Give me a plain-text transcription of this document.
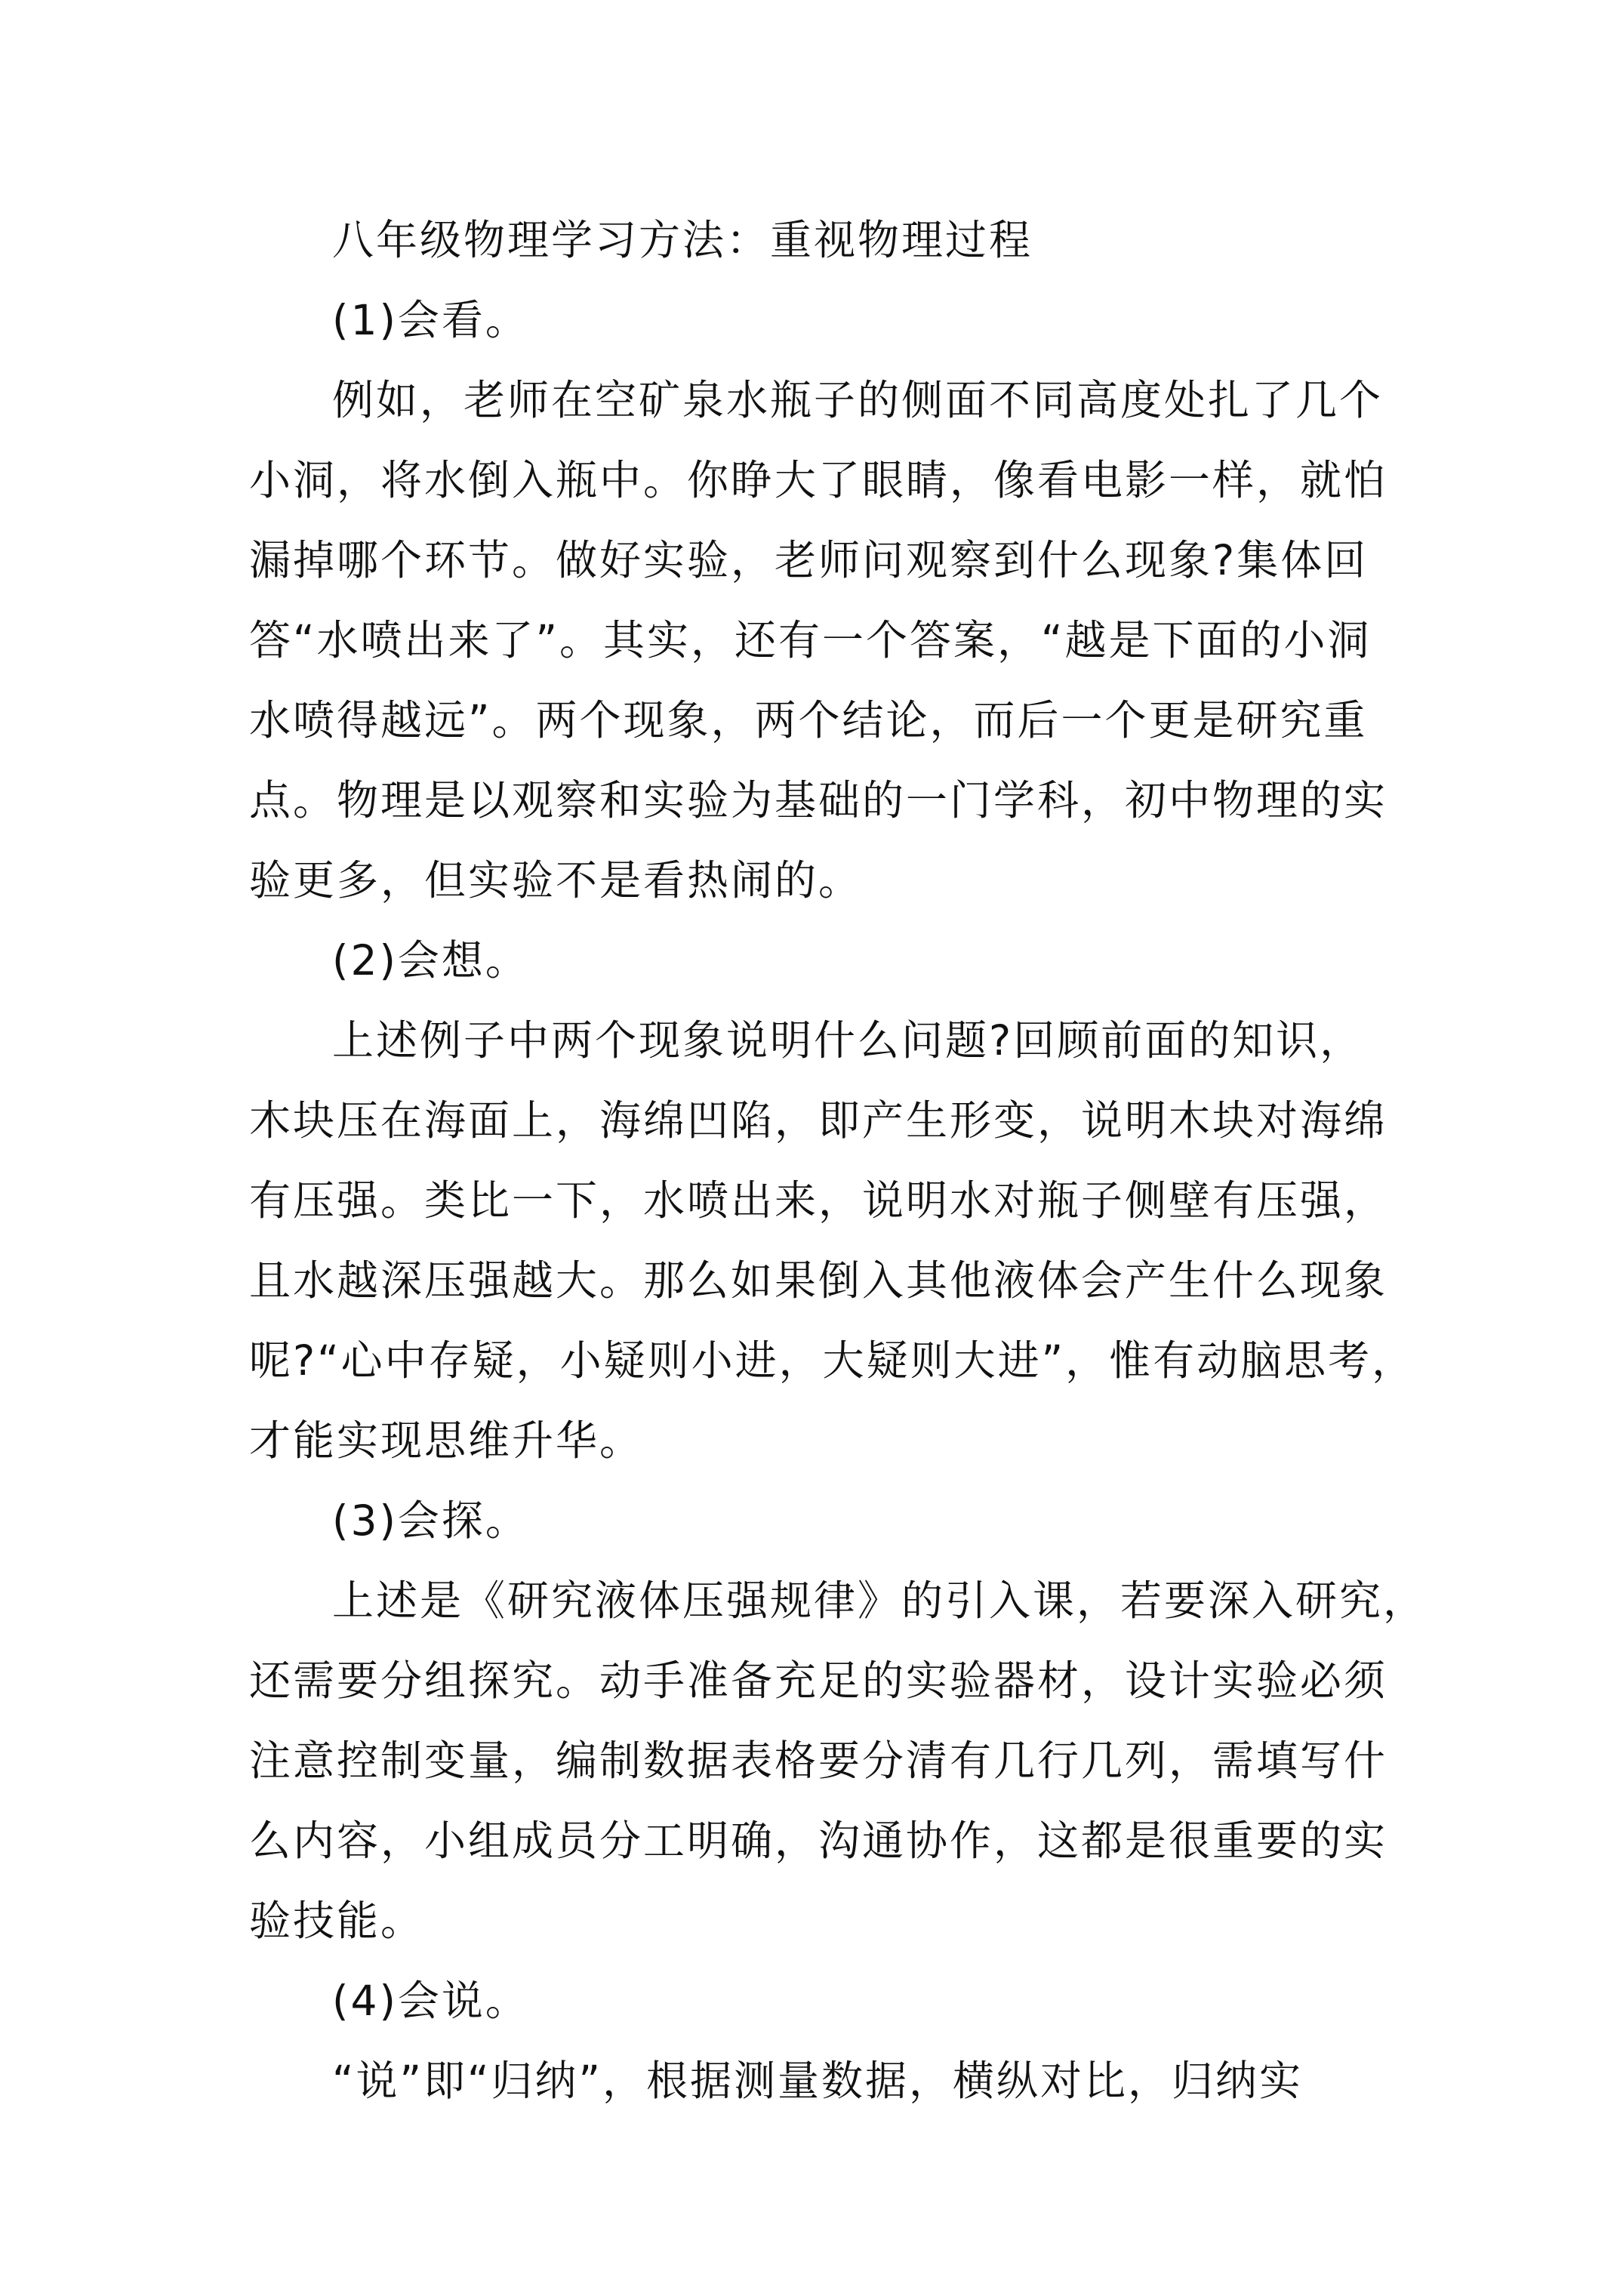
八年级物理学习方法：重视物理过程
(1)会看。
例如，老师在空矿泉水瓶子的侧面不同高度处扎了几个
小洞，将水倒入瓶中。你睁大了眼睛，像看电影一样，就怕
漏掉哪个环节。做好实验，老师问观察到什么现象?集体回
答“水喷出来了”。其实，还有一个答案，“越是下面的小洞
水喷得越远”。两个现象，两个结论，而后一个更是研究重
点。物理是以观察和实验为基础的一门学科，初中物理的实
验更多，但实验不是看热闹的。
(2)会想。
上述例子中两个现象说明什么问题?回顾前面的知识，
木块压在海面上，海绵凹陷，即产生形变，说明木块对海绵
有压强。类比一下，水喷出来，说明水对瓶子侧壁有压强，
且水越深压强越大。那么如果倒入其他液体会产生什么现象
呢?“心中存疑，小疑则小进，大疑则大进”，惟有动脑思考，
才能实现思维升华。
(3)会探。
上述是《研究液体压强规律》的引入课，若要深入研究，
还需要分组探究。动手准备充足的实验器材，设计实验必须
注意控制变量，编制数据表格要分清有几行几列，需填写什
么内容，小组成员分工明确，沟通协作，这都是很重要的实
验技能。
(4)会说。
“说”即“归纳”，根据测量数据，横纵对比，归纳实
